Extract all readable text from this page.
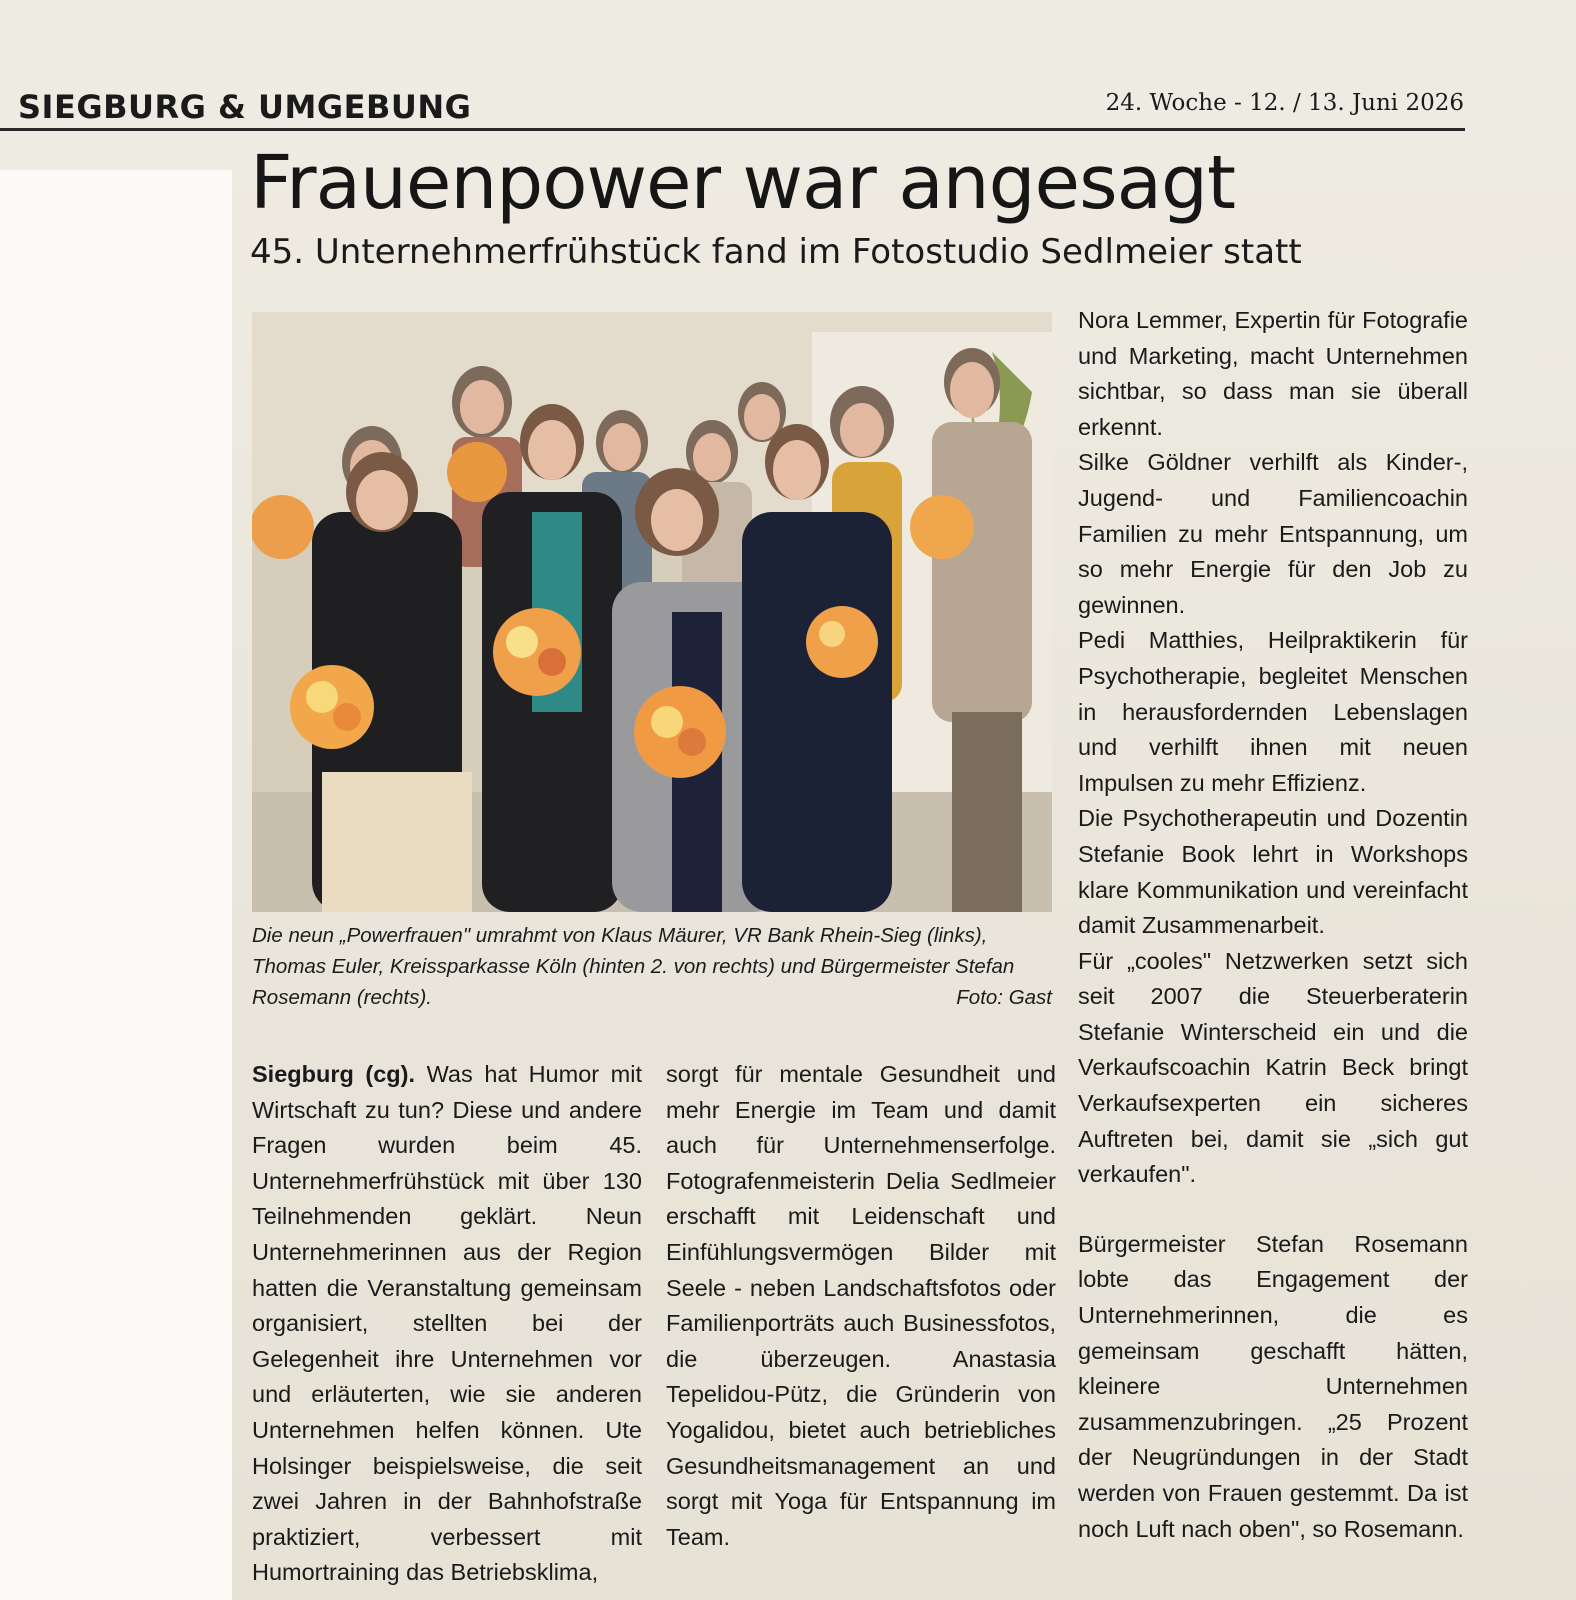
SIEGBURG & UMGEBUNG	24. Woche - 12. / 13. Juni 2026
Frauenpower war angesagt
45. Unternehmerfrühstück fand im Fotostudio Sedlmeier statt
Die neun „Powerfrauen" umrahmt von Klaus Mäurer, VR Bank Rhein-Sieg (links), Thomas Euler, Kreissparkasse Köln (hinten 2. von rechts) und Bürgermeister Stefan Rosemann (rechts).	Foto: Gast

Siegburg (cg). Was hat Humor mit Wirtschaft zu tun? Diese und andere Fragen wurden beim 45. Unternehmerfrühstück mit über 130 Teilnehmenden geklärt. Neun Unternehmerinnen aus der Region hatten die Veranstaltung gemeinsam organisiert, stellten bei der Gelegenheit ihre Unternehmen vor und erläuterten, wie sie anderen Unternehmen helfen können. Ute Holsinger beispielsweise, die seit zwei Jahren in der Bahnhofstraße praktiziert, verbessert mit Humortraining das Betriebsklima,

sorgt für mentale Gesundheit und mehr Energie im Team und damit auch für Unternehmenserfolge. Fotografenmeisterin Delia Sedlmeier erschafft mit Leidenschaft und Einfühlungsvermögen Bilder mit Seele - neben Landschaftsfotos oder Familienporträts auch Businessfotos, die überzeugen. Anastasia Tepelidou-Pütz, die Gründerin von Yogalidou, bietet auch betriebliches Gesundheitsmanagement an und sorgt mit Yoga für Entspannung im Team.

Nora Lemmer, Expertin für Fotografie und Marketing, macht Unternehmen sichtbar, so dass man sie überall erkennt.

Silke Göldner verhilft als Kinder-, Jugend- und Familiencoachin Familien zu mehr Entspannung, um so mehr Energie für den Job zu gewinnen.

Pedi Matthies, Heilpraktikerin für Psychotherapie, begleitet Menschen in herausfordernden Lebenslagen und verhilft ihnen mit neuen Impulsen zu mehr Effizienz.

Die Psychotherapeutin und Dozentin Stefanie Book lehrt in Workshops klare Kommunikation und vereinfacht damit Zusammenarbeit.

Für „cooles" Netzwerken setzt sich seit 2007 die Steuerberaterin Stefanie Winterscheid ein und die Verkaufscoachin Katrin Beck bringt Verkaufsexperten ein sicheres Auftreten bei, damit sie „sich gut verkaufen".

Bürgermeister Stefan Rosemann lobte das Engagement der Unternehmerinnen, die es gemeinsam geschafft hätten, kleinere Unternehmen zusammenzubringen. „25 Prozent der Neugründungen in der Stadt werden von Frauen gestemmt. Da ist noch Luft nach oben", so Rosemann.
